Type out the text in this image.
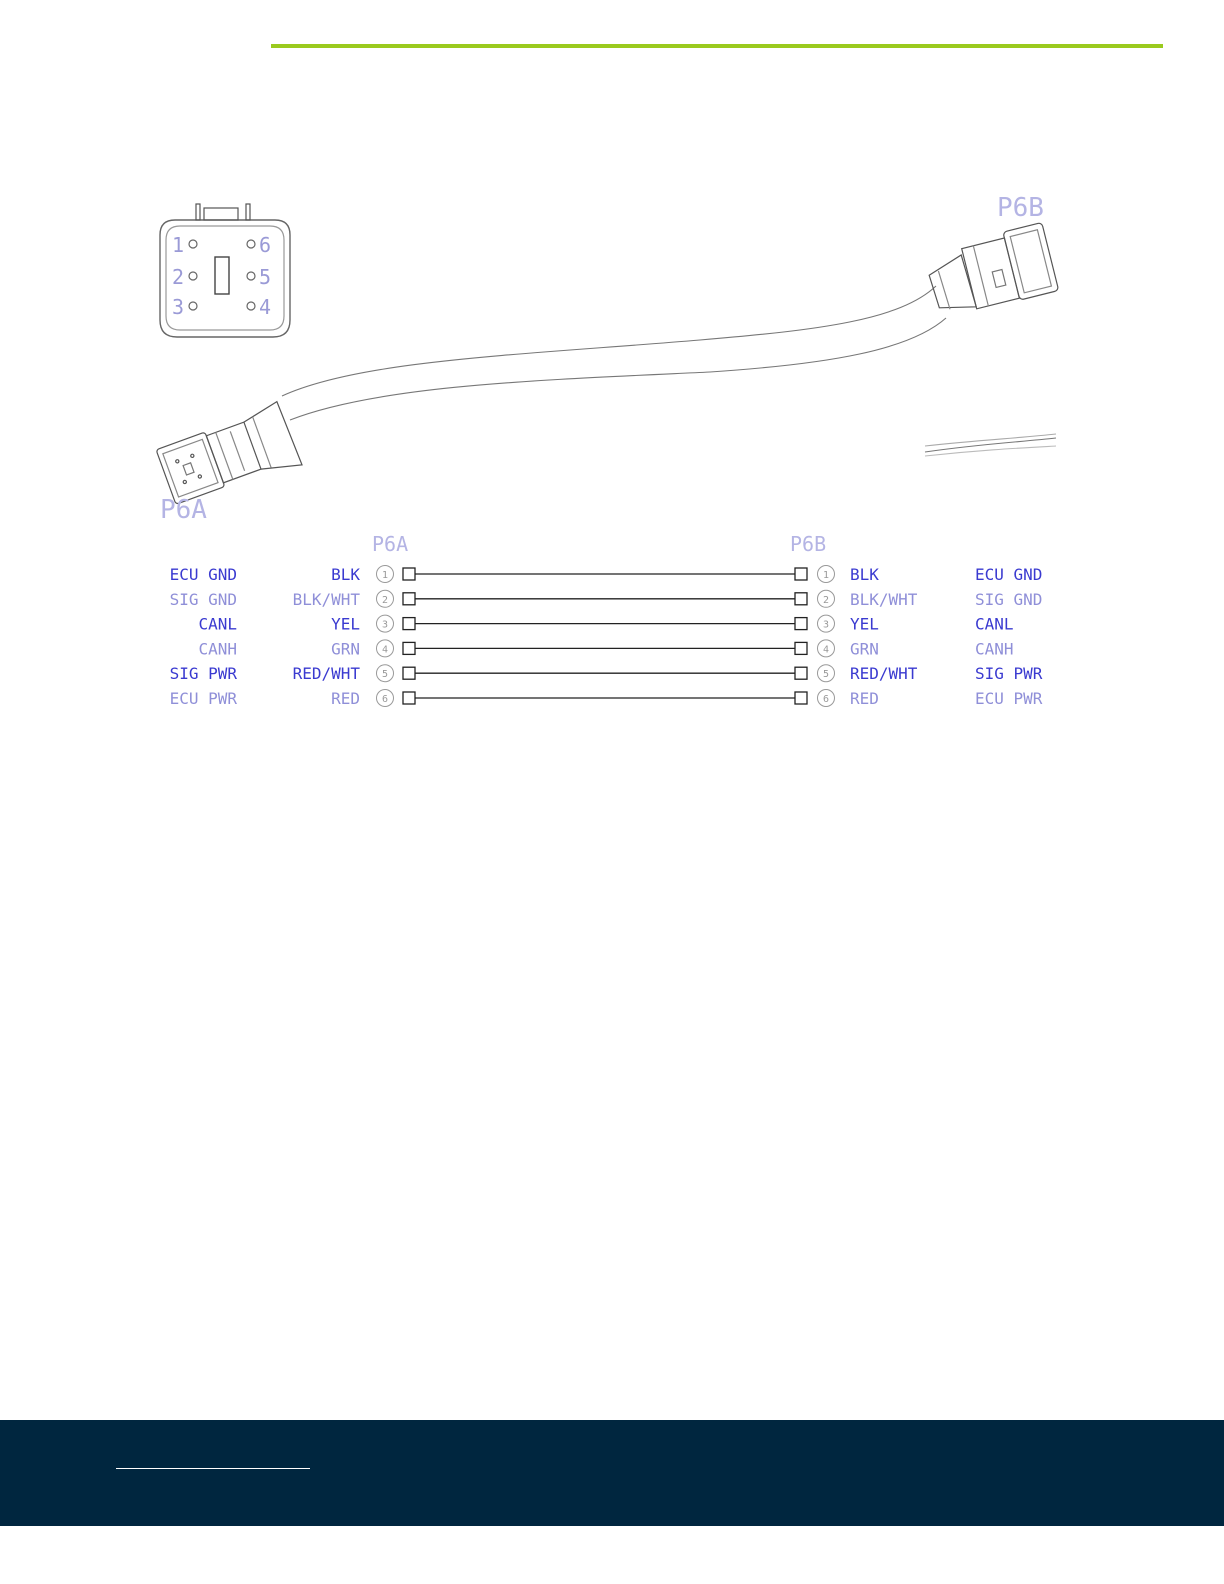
1
2
3
6
5
4
P6B
P6A
P6A	P6B
ECU GND	BLK 1	1 BLK	ECU GND
SIG GND	BLK/WHT 2	2 BLK/WHT	SIG GND
CANL	YEL 3	3 YEL	CANL
CANH	GRN 4	4 GRN	CANH
SIG PWR	RED/WHT 5	5 RED/WHT	SIG PWR
ECU PWR	RED 6	6 RED	ECU PWR
